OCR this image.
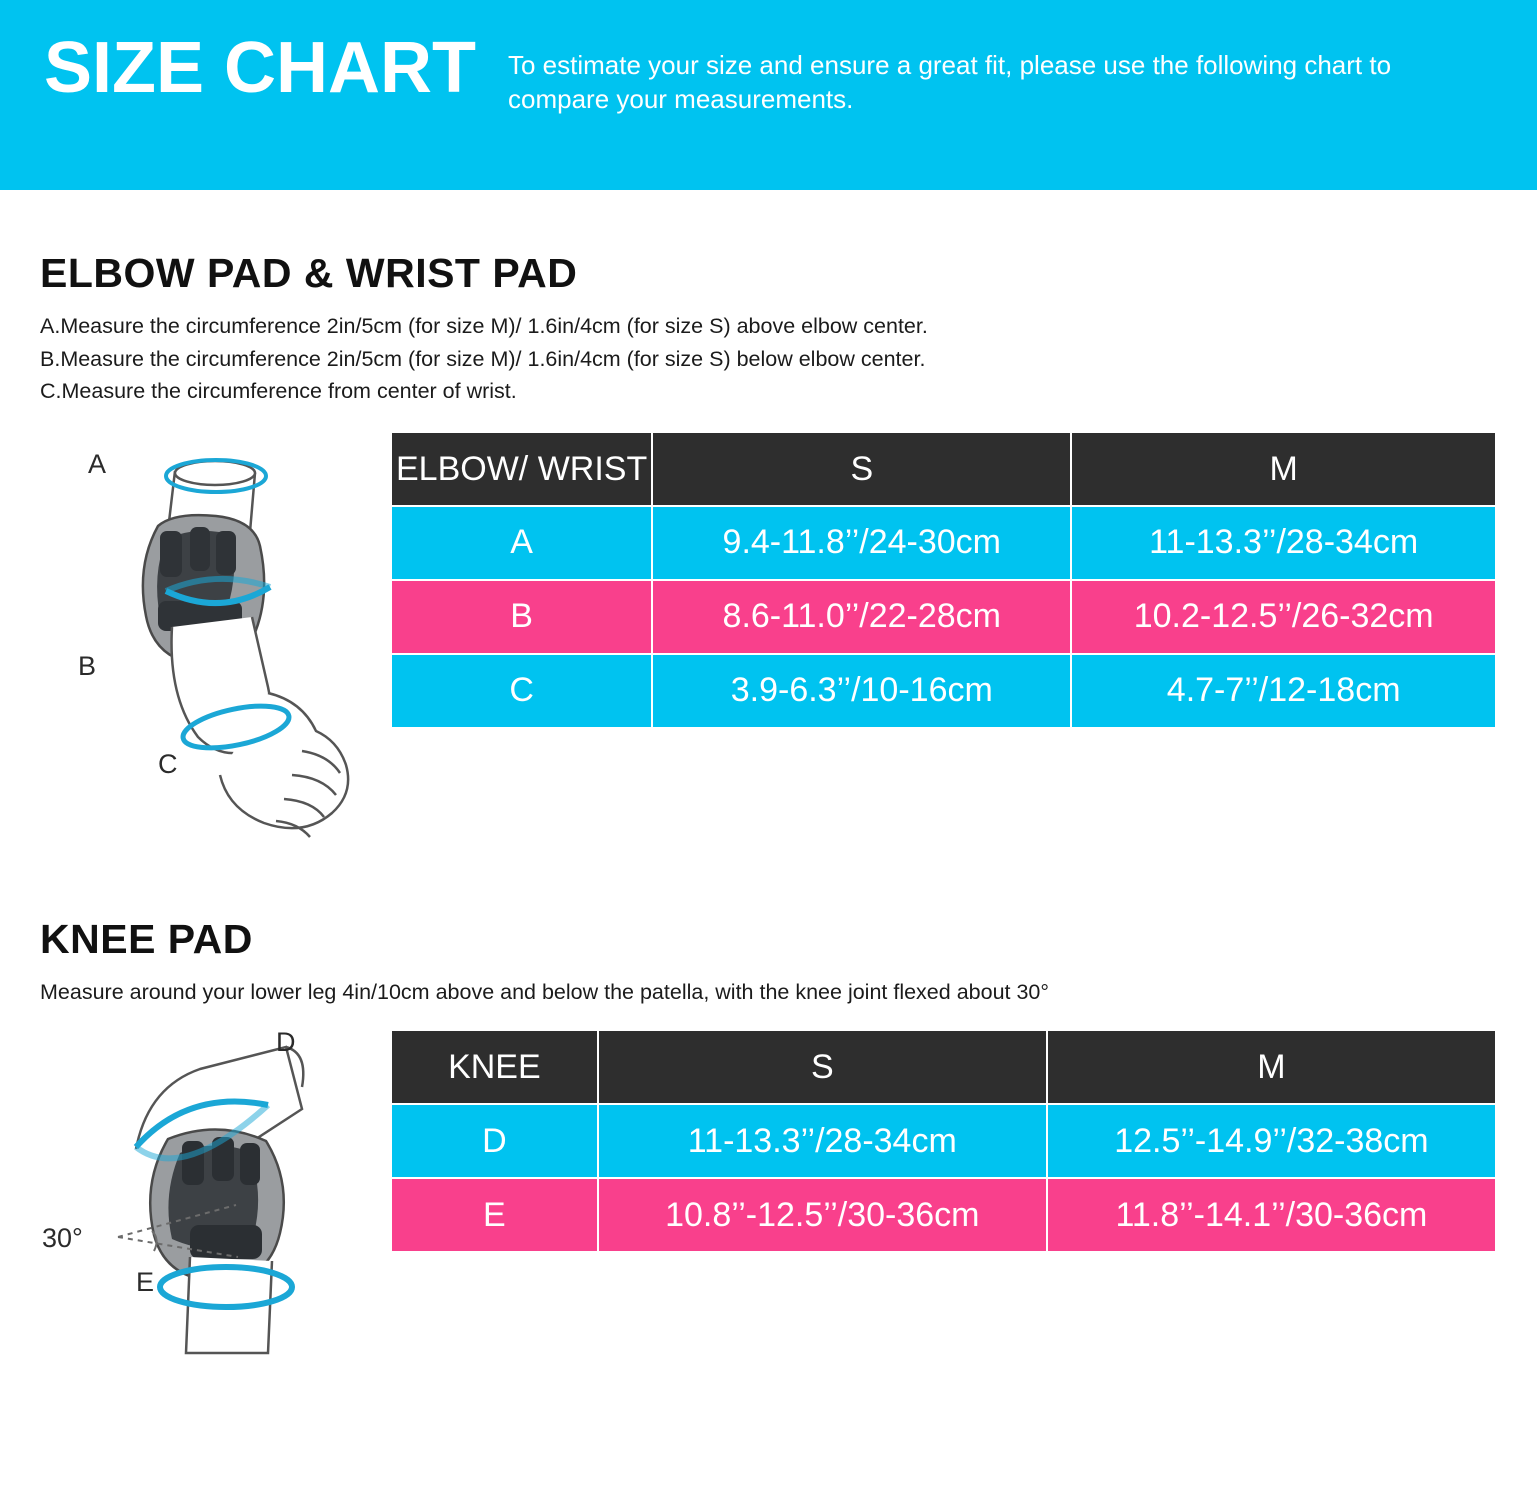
SIZE CHART To estimate your size and ensure a great fit, please use the following chart to compare your measurements.
ELBOW PAD & WRIST PAD
A.Measure the circumference 2in/5cm (for size M)/ 1.6in/4cm (for size S) above elbow center.
B.Measure the circumference 2in/5cm (for size M)/ 1.6in/4cm (for size S) below elbow center.
C.Measure the circumference from center of wrist.
A
B
C
ELBOW/ WRIST	S	M
A	9.4-11.8’’/24-30cm	11-13.3’’/28-34cm
B	8.6-11.0’’/22-28cm	10.2-12.5’’/26-32cm
C	3.9-6.3’’/10-16cm	4.7-7’’/12-18cm
KNEE PAD
Measure around your lower leg 4in/10cm above and below the patella, with the knee joint flexed about 30°
30°
D
E
KNEE	S	M
D	11-13.3’’/28-34cm	12.5’’-14.9’’/32-38cm
E	10.8’’-12.5’’/30-36cm	11.8’’-14.1’’/30-36cm
